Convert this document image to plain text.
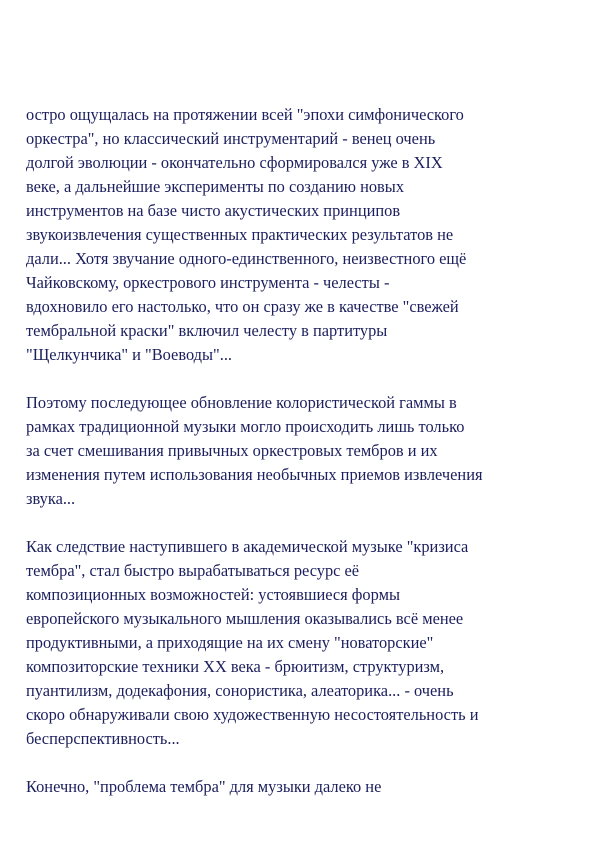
остро ощущалась на протяжении всей "эпохи симфонического
оркестра", но классический инструментарий - венец очень
долгой эволюции - окончательно сформировался уже в XIX
веке, а дальнейшие эксперименты по созданию новых
инструментов на базе чисто акустических принципов
звукоизвлечения существенных практических результатов не
дали... Хотя звучание одного-единственного, неизвестного ещё
Чайковскому, оркестрового инструмента - челесты -
вдохновило его настолько, что он сразу же в качестве "свежей
тембральной краски" включил челесту в партитуры
"Щелкунчика" и "Воеводы"...

Поэтому последующее обновление колористической гаммы в
рамках традиционной музыки могло происходить лишь только
за счет смешивания привычных оркестровых тембров и их
изменения путем использования необычных приемов извлечения
звука...

Как следствие наступившего в академической музыке "кризиса
тембра", стал быстро вырабатываться ресурс её
композиционных возможностей: устоявшиеся формы
европейского музыкального мышления оказывались всё менее
продуктивными, а приходящие на их смену "новаторские"
композиторские техники XX века - брюитизм, структуризм,
пуантилизм, додекафония, сонористика, алеаторика... - очень
скоро обнаруживали свою художественную несостоятельность и
бесперспективность...

Конечно, "проблема тембра" для музыки далеко не
